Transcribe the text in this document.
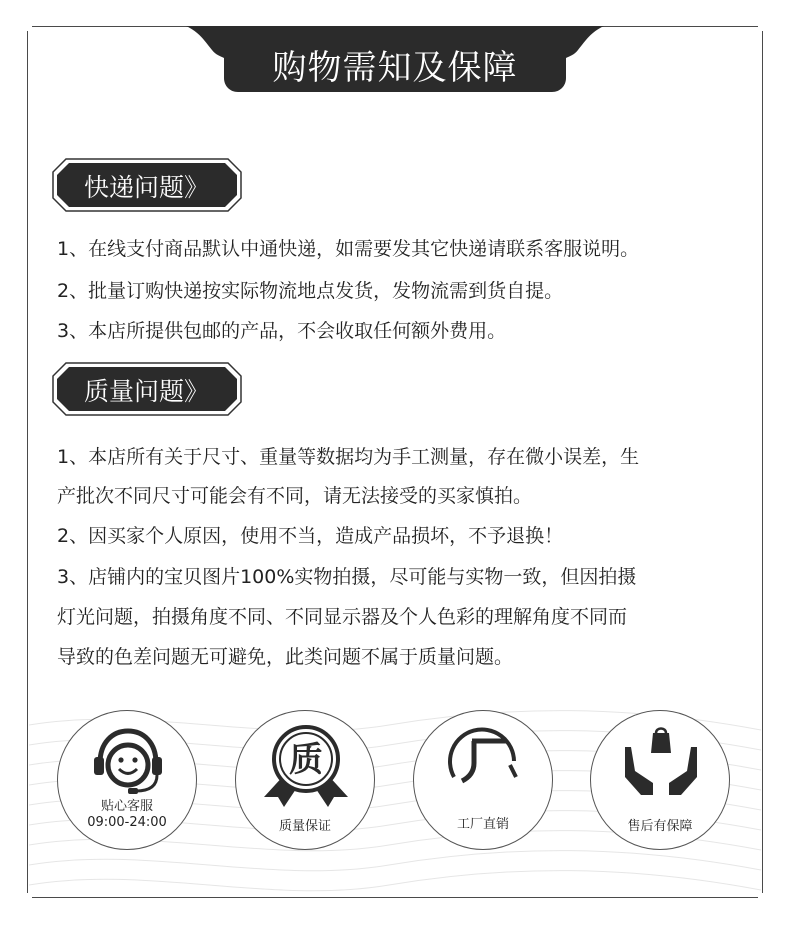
购物需知及保障
快递问题》
1、在线支付商品默认中通快递，如需要发其它快递请联系客服说明。
2、批量订购快递按实际物流地点发货，发物流需到货自提。
3、本店所提供包邮的产品，不会收取任何额外费用。
质量问题》
1、本店所有关于尺寸、重量等数据均为手工测量，存在微小误差，生
产批次不同尺寸可能会有不同，请无法接受的买家慎拍。
2、因买家个人原因，使用不当，造成产品损坏，不予退换！
3、店铺内的宝贝图片100%实物拍摄，尽可能与实物一致，但因拍摄
灯光问题，拍摄角度不同、不同显示器及个人色彩的理解角度不同而
导致的色差问题无可避免，此类问题不属于质量问题。
贴心客服
09:00-24:00
质
质量保证	工厂直销	售后有保障
